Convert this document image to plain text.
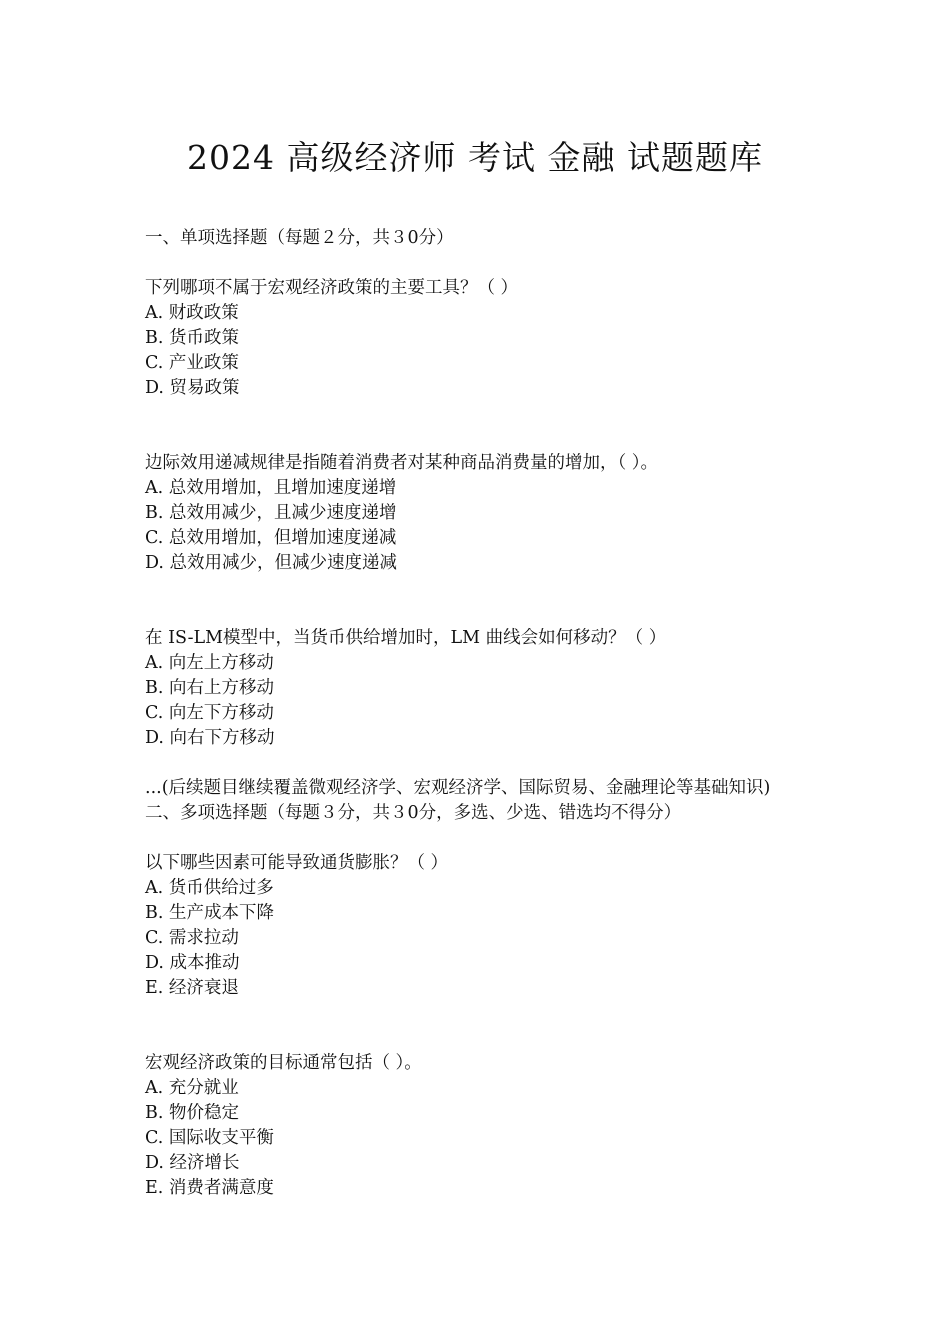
2024 高级经济师 考试 金融 试题题库
一、单项选择题（每题２分，共３0分）
下列哪项不属于宏观经济政策的主要工具？（ ）
A. 财政政策
B. 货币政策
C. 产业政策
D. 贸易政策
边际效用递减规律是指随着消费者对某种商品消费量的增加，（ ）。
A. 总效用增加，且增加速度递增
B. 总效用减少，且减少速度递增
C. 总效用增加，但增加速度递减
D. 总效用减少，但减少速度递减
在 IS-LM模型中，当货币供给增加时，LM 曲线会如何移动？（ ）
A. 向左上方移动
B. 向右上方移动
C. 向左下方移动
D. 向右下方移动
...(后续题目继续覆盖微观经济学、宏观经济学、国际贸易、金融理论等基础知识)
二、多项选择题（每题３分，共３0分，多选、少选、错选均不得分）
以下哪些因素可能导致通货膨胀？（ ）
A. 货币供给过多
B. 生产成本下降
C. 需求拉动
D. 成本推动
E. 经济衰退
宏观经济政策的目标通常包括（ ）。
A. 充分就业
B. 物价稳定
C. 国际收支平衡
D. 经济增长
E. 消费者满意度
